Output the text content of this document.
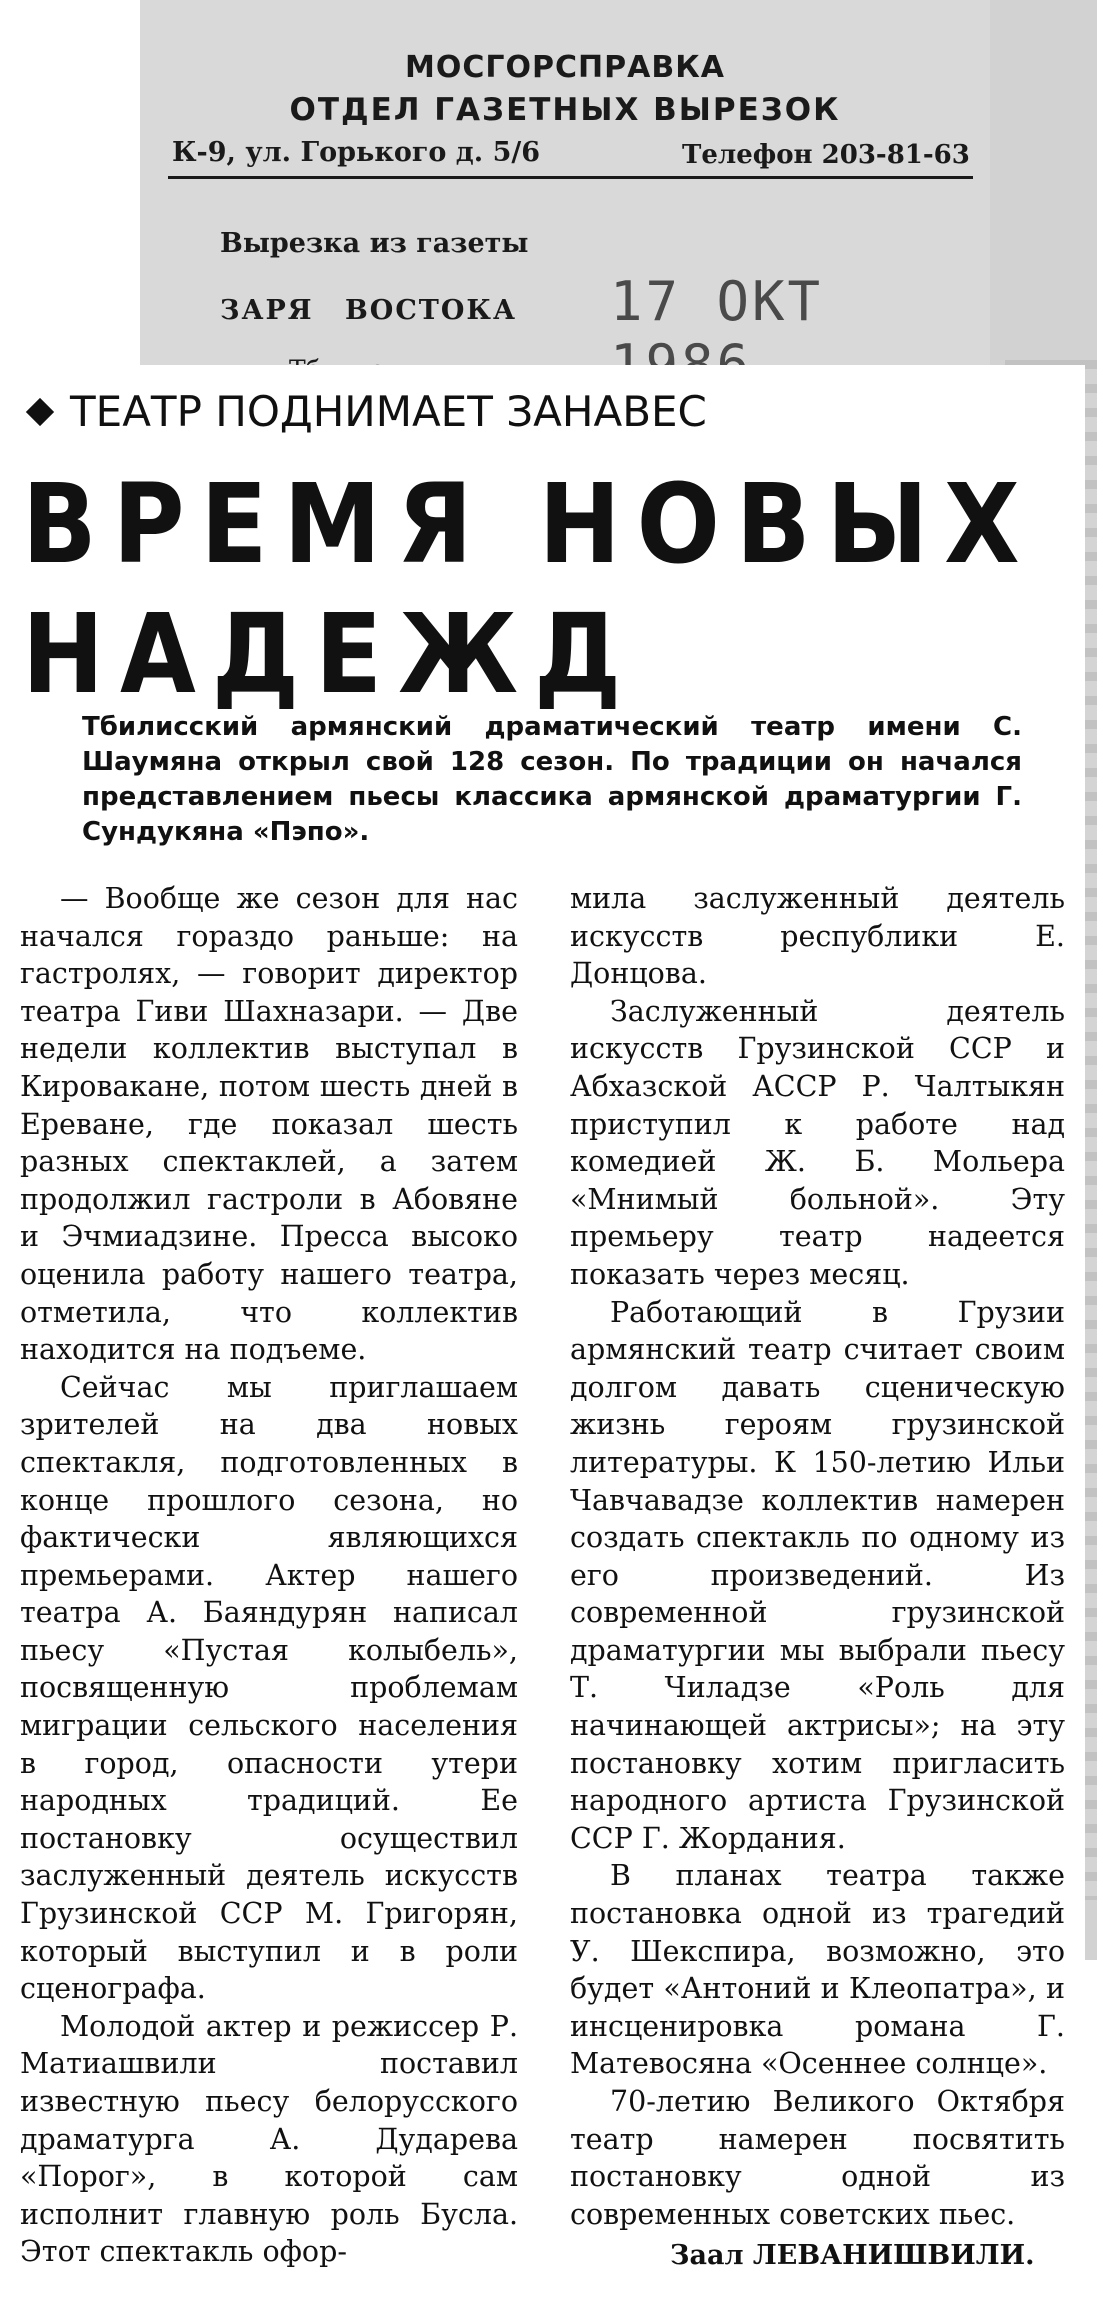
МОСГОРСПРАВКА
ОТДЕЛ ГАЗЕТНЫХ ВЫРЕЗОК
К-9, ул. Горького д. 5/6	Телефон 203-81-63
Вырезка из газеты
ЗАРЯ ВОСТОКА 17 ОКТ
ТЕАТР ПОДНИМАЕТ ЗАНАВЕС
ВРЕМЯ НОВЫХ
НАДЕЖД
Тбилисский армянский драматический театр имени С. Шаумяна открыл свой 128 сезон. По традиции он начался представлением пьесы классика армянской драматургии Г. Сундукяна «Пэпо».

— Вообще же сезон для нас начался гораздо раньше: на гастролях, — говорит директор театра Гиви Шахназари. — Две недели коллектив выступал в Кировакане, потом шесть дней в Ереване, где показал шесть разных спектаклей, а затем продолжил гастроли в Абовяне и Эчмиадзине. Пресса высоко оценила работу нашего театра, отметила, что коллектив находится на подъеме.

Сейчас мы приглашаем зрителей на два новых спектакля, подготовленных в конце прошлого сезона, но фактически являющихся премьерами. Актер нашего театра А. Баяндурян написал пьесу «Пустая колыбель», посвященную проблемам миграции сельского населения в город, опасности утери народных традиций. Ее постановку осуществил заслуженный деятель искусств Грузинской ССР М. Григорян, который выступил и в роли сценографа.

Молодой актер и режиссер Р. Матиашвили поставил известную пьесу белорусского драматурга А. Дударева «Порог», в которой сам исполнит главную роль Бусла. Этот спектакль офор-

мила заслуженный деятель искусств республики Е. Донцова.

Заслуженный деятель искусств Грузинской ССР и Абхазской АССР Р. Чалтыкян приступил к работе над комедией Ж. Б. Мольера «Мнимый больной». Эту премьеру театр надеется показать через месяц.

Работающий в Грузии армянский театр считает своим долгом давать сценическую жизнь героям грузинской литературы. К 150-летию Ильи Чавчавадзе коллектив намерен создать спектакль по одному из его произведений. Из современной грузинской драматургии мы выбрали пьесу Т. Чиладзе «Роль для начинающей актрисы»; на эту постановку хотим пригласить народного артиста Грузинской ССР Г. Жордания.

В планах театра также постановка одной из трагедий У. Шекспира, возможно, это будет «Антоний и Клеопатра», и инсценировка романа Г. Матевосяна «Осеннее солнце».

70-летию Великого Октября театр намерен посвятить постановку одной из современных советских пьес.

Заал ЛЕВАНИШВИЛИ.
